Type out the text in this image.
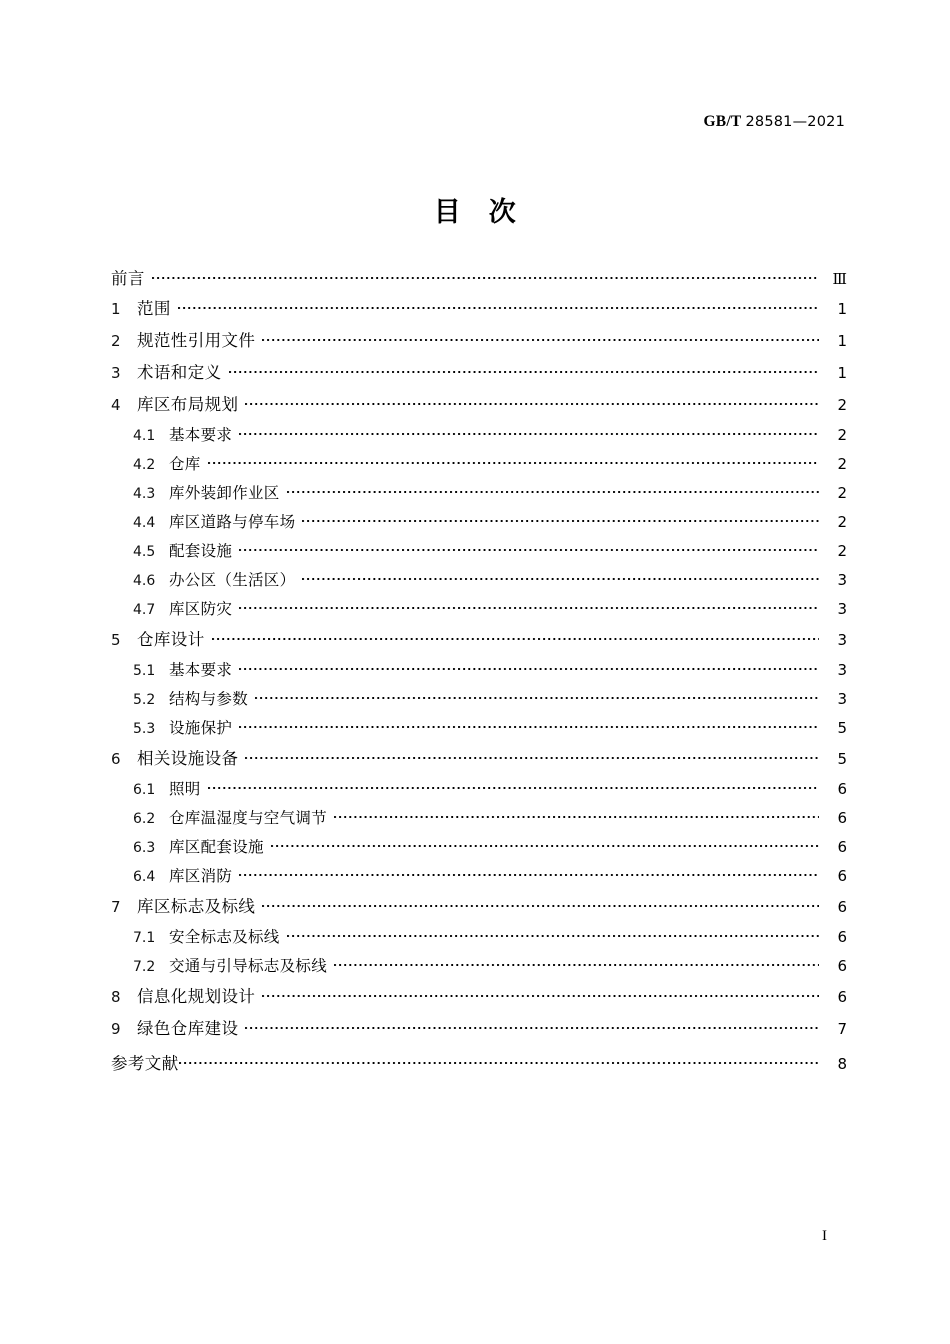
GB/T 28581—2021
目　次
前言	Ⅲ
1 范围	1
2 规范性引用文件	1
3 术语和定义	1
4 库区布局规划	2
4.1 基本要求	2
4.2 仓库	2
4.3 库外装卸作业区	2
4.4 库区道路与停车场	2
4.5 配套设施	2
4.6 办公区（生活区）	3
4.7 库区防灾	3
5 仓库设计	3
5.1 基本要求	3
5.2 结构与参数	3
5.3 设施保护	5
6 相关设施设备	5
6.1 照明	6
6.2 仓库温湿度与空气调节	6
6.3 库区配套设施	6
6.4 库区消防	6
7 库区标志及标线	6
7.1 安全标志及标线	6
7.2 交通与引导标志及标线	6
8 信息化规划设计	6
9 绿色仓库建设	7
参考文献	8
I
